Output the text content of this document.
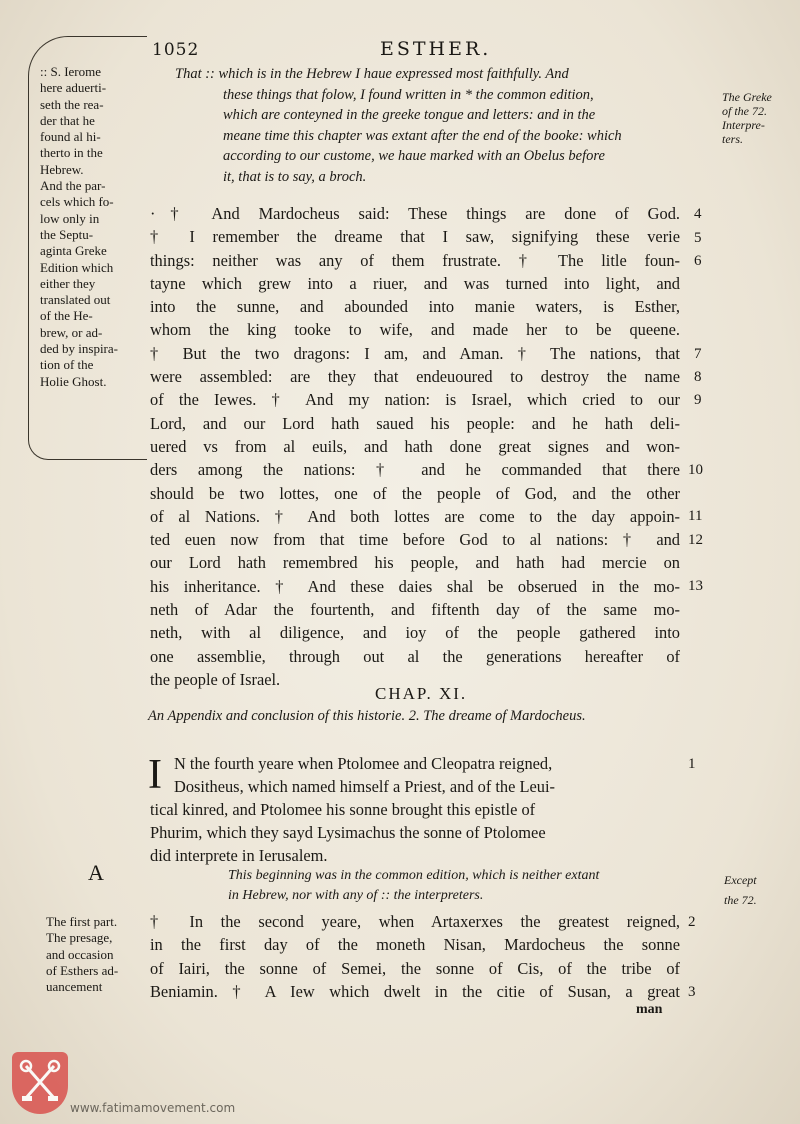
1052	ESTHER.
:: S. Ierome
here aduerti-
seth the rea-
der that he
found al hi-
therto in the
Hebrew.
And the par-
cels which fo-
low only in
the Septu-
aginta Greke
Edition which
either they
translated out
of the He-
brew, or ad-
ded by inspira-
tion of the
Holie Ghost.
That :: which is in the Hebrew I haue expressed most faithfully. And
these things that folow, I found written in * the common edition,
which are conteyned in the greeke tongue and letters: and in the
meane time this chapter was extant after the end of the booke: which
according to our custome, we haue marked with an Obelus before
it, that is to say, a broch.
The Greke
of the 72.
Interpre-
ters.
·† And Mardocheus said: These things are done of God.
† I remember the dreame that I saw, signifying these verie
things: neither was any of them frustrate. † The litle foun-
tayne which grew into a riuer, and was turned into light, and
into the sunne, and abounded into manie waters, is Esther,
whom the king tooke to wife, and made her to be queene.
† But the two dragons: I am, and Aman. † The nations, that
were assembled: are they that endeuoured to destroy the name
of the Iewes. † And my nation: is Israel, which cried to our
Lord, and our Lord hath saued his people: and he hath deli-
uered vs from al euils, and hath done great signes and won-
ders among the nations: † and he commanded that there
should be two lottes, one of the people of God, and the other
of al Nations. † And both lottes are come to the day appoin-
ted euen now from that time before God to al nations: † and
our Lord hath remembred his people, and hath had mercie on
his inheritance. † And these daies shal be obserued in the mo-
neth of Adar the fourtenth, and fiftenth day of the same mo-
neth, with al diligence, and ioy of the people gathered into
one assemblie, through out al the generations hereafter of
the people of Israel.
4
5
6
7
8
9
10
11
12
13
CHAP. XI.
An Appendix and conclusion of this historie. 2. The dreame of Mardocheus.
I N the fourth yeare when Ptolomee and Cleopatra reigned,
Dositheus, which named himself a Priest, and of the Leui-
tical kinred, and Ptolomee his sonne brought this epistle of
Phurim, which they sayd Lysimachus the sonne of Ptolomee
did interprete in Ierusalem.
1
A	This beginning was in the common edition, which is neither extant
in Hebrew, nor with any of :: the interpreters.
Except
the 72.
The first part.
The presage,
and occasion
of Esthers ad-
uancement
† In the second yeare, when Artaxerxes the greatest reigned,
in the first day of the moneth Nisan, Mardocheus the sonne
of Iairi, the sonne of Semei, the sonne of Cis, of the tribe of
Beniamin. † A Iew which dwelt in the citie of Susan, a great
2
3
man
www.fatimamovement.com
